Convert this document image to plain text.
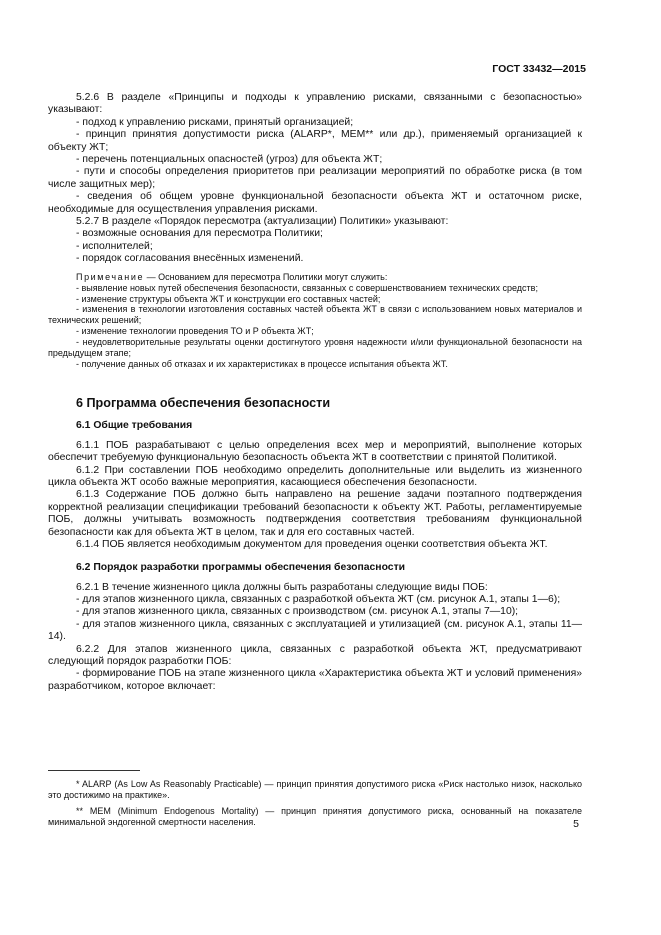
ГОСТ 33432—2015

5.2.6 В разделе «Принципы и подходы к управлению рисками, связанными с безопасностью» указывают:

- подход к управлению рисками, принятый организацией;

- принцип принятия допустимости риска (ALARP*, МЕМ** или др.), применяемый организацией к объекту ЖТ;

- перечень потенциальных опасностей (угроз) для объекта ЖТ;

- пути и способы определения приоритетов при реализации мероприятий по обработке риска (в том числе защитных мер);

- сведения об общем уровне функциональной безопасности объекта ЖТ и остаточном риске, необходимые для осуществления управления рисками.

5.2.7 В разделе «Порядок пересмотра (актуализации) Политики» указывают:

- возможные основания для пересмотра Политики;

- исполнителей;

- порядок согласования внесённых изменений.

Примечание — Основанием для пересмотра Политики могут служить:

- выявление новых путей обеспечения безопасности, связанных с совершенствованием технических средств;

- изменение структуры объекта ЖТ и конструкции его составных частей;

- изменения в технологии изготовления составных частей объекта ЖТ в связи с использованием новых материалов и технических решений;

- изменение технологии проведения ТО и Р объекта ЖТ;

- неудовлетворительные результаты оценки достигнутого уровня надежности и/или функциональной безопасности на предыдущем этапе;

- получение данных об отказах и их характеристиках в процессе испытания объекта ЖТ.

6 Программа обеспечения безопасности
6.1 Общие требования

6.1.1 ПОБ разрабатывают с целью определения всех мер и мероприятий, выполнение которых обеспечит требуемую функциональную безопасность объекта ЖТ в соответствии с принятой Политикой.

6.1.2 При составлении ПОБ необходимо определить дополнительные или выделить из жизненного цикла объекта ЖТ особо важные мероприятия, касающиеся обеспечения безопасности.

6.1.3 Содержание ПОБ должно быть направлено на решение задачи поэтапного подтверждения корректной реализации спецификации требований безопасности к объекту ЖТ. Работы, регламентируемые ПОБ, должны учитывать возможность подтверждения соответствия требованиям функциональной безопасности как для объекта ЖТ в целом, так и для его составных частей.

6.1.4 ПОБ является необходимым документом для проведения оценки соответствия объекта ЖТ.

6.2 Порядок разработки программы обеспечения безопасности

6.2.1 В течение жизненного цикла должны быть разработаны следующие виды ПОБ:

- для этапов жизненного цикла, связанных с разработкой объекта ЖТ (см. рисунок А.1, этапы 1—6);

- для этапов жизненного цикла, связанных с производством (см. рисунок А.1, этапы 7—10);

- для этапов жизненного цикла, связанных с эксплуатацией и утилизацией (см. рисунок А.1, этапы 11—14).

6.2.2 Для этапов жизненного цикла, связанных с разработкой объекта ЖТ, предусматривают следующий порядок разработки ПОБ:

- формирование ПОБ на этапе жизненного цикла «Характеристика объекта ЖТ и условий применения» разработчиком, которое включает:

* ALARP (As Low As Reasonably Practicable) — принцип принятия допустимого риска «Риск настолько низок, насколько это достижимо на практике».

** MEM (Minimum Endogenous Mortality) — принцип принятия допустимого риска, основанный на показателе минимальной эндогенной смертности населения.	5
